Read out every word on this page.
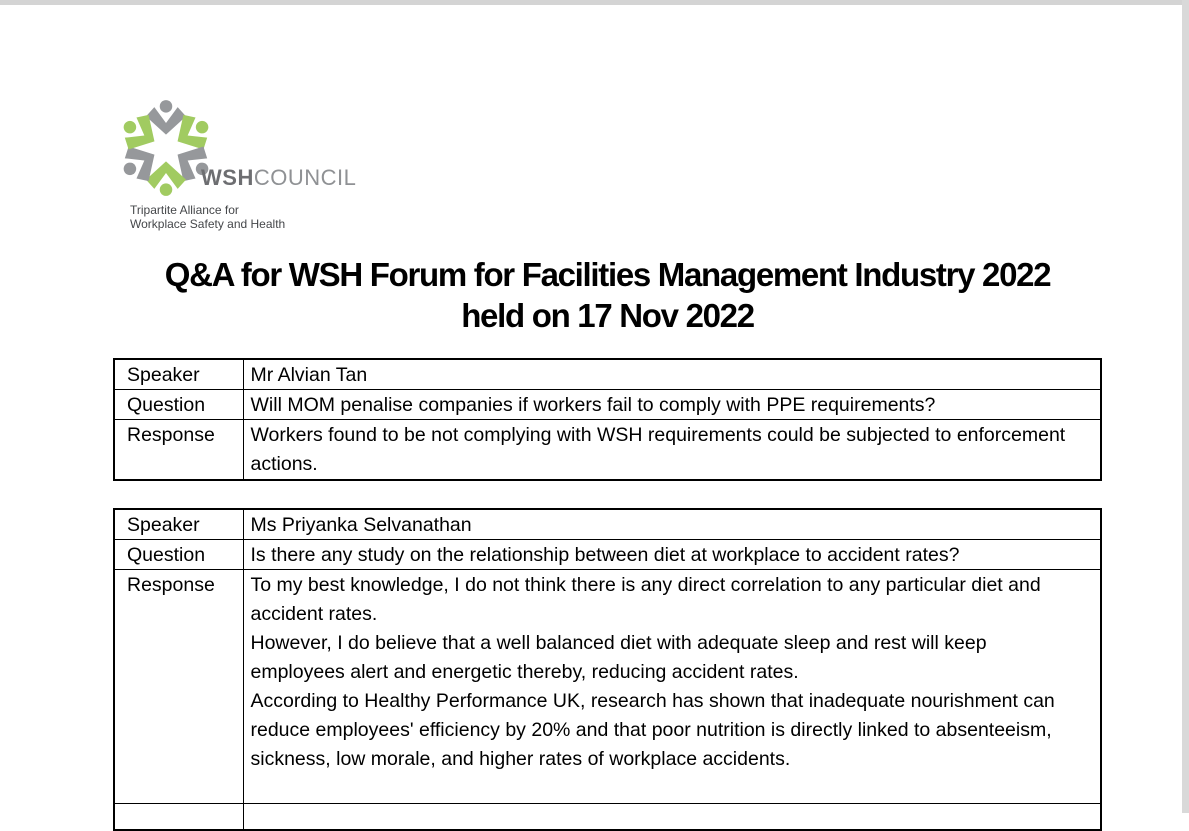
WSHCOUNCIL
Tripartite Alliance for
Workplace Safety and Health
Q&A for WSH Forum for Facilities Management Industry 2022
held on 17 Nov 2022
Speaker	Mr Alvian Tan
Question	Will MOM penalise companies if workers fail to comply with PPE requirements?
Response	Workers found to be not complying with WSH requirements could be subjected to enforcement actions.

Speaker	Ms Priyanka Selvanathan
Question	Is there any study on the relationship between diet at workplace to accident rates?
Response	To my best knowledge, I do not think there is any direct correlation to any particular diet and accident rates.

However, I do believe that a well balanced diet with adequate sleep and rest will keep employees alert and energetic thereby, reducing accident rates.

According to Healthy Performance UK, research has shown that inadequate nourishment can reduce employees' efficiency by 20% and that poor nutrition is directly linked to absenteeism, sickness, low morale, and higher rates of workplace accidents.
